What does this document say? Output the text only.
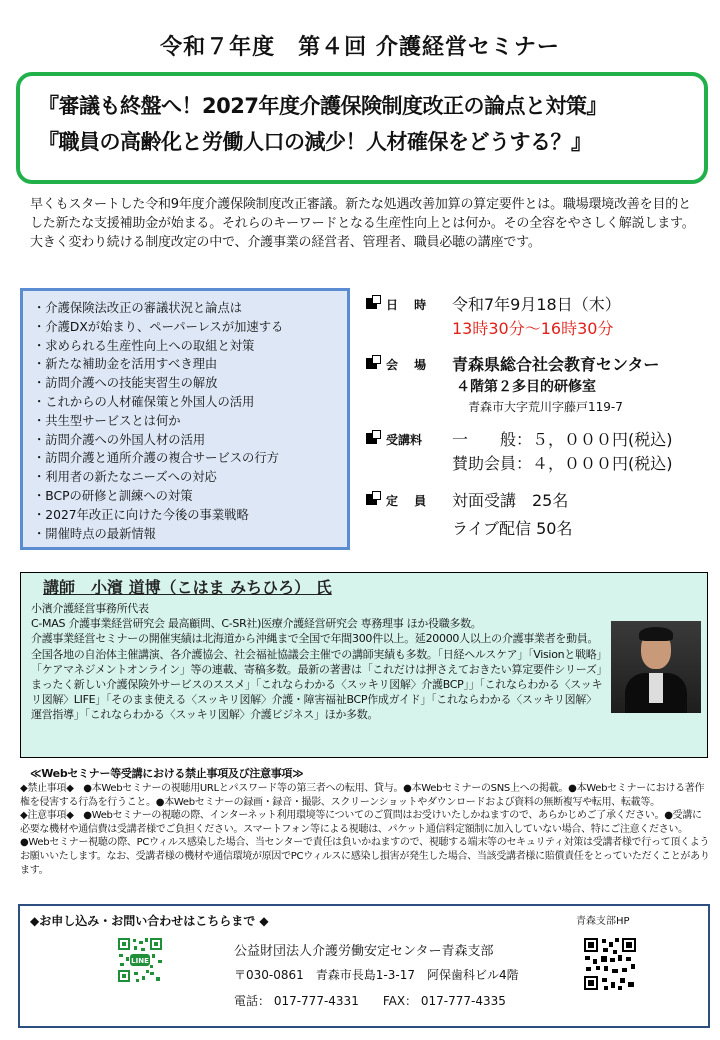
令和７年度　第４回 介護経営セミナー
『審議も終盤へ！2027年度介護保険制度改正の論点と対策』
『職員の高齢化と労働人口の減少！人材確保をどうする？』
早くもスタートした令和9年度介護保険制度改正審議。新たな処遇改善加算の算定要件とは。職場環境改善を目的とした新たな支援補助金が始まる。それらのキーワードとなる生産性向上とは何か。その全容をやさしく解説します。大きく変わり続ける制度改定の中で、介護事業の経営者、管理者、職員必聴の講座です。
・介護保険法改正の審議状況と論点は
・介護DXが始まり、ペーパーレスが加速する
・求められる生産性向上への取組と対策
・新たな補助金を活用すべき理由
・訪問介護への技能実習生の解放
・これからの人材確保策と外国人の活用
・共生型サービスとは何か
・訪問介護への外国人材の活用
・訪問介護と通所介護の複合サービスの行方
・利用者の新たなニーズへの対応
・BCPの研修と訓練への対策
・2027年改正に向けた今後の事業戦略
・開催時点の最新情報
日 時 令和7年9月18日（木）
13時30分～16時30分
会 場 青森県総合社会教育センター
４階第２多目的研修室
青森市大字荒川字藤戸119-7
受講料 一　　般：５，０００円(税込)
賛助会員：４，０００円(税込)
定 員 対面受講　25名
ライブ配信 50名
講師　小濱 道博（こはま みちひろ） 氏
小濱介護経営事務所代表
C-MAS 介護事業経営研究会 最高顧問、C-SR社)医療介護経営研究会 専務理事 ほか役職多数。
介護事業経営セミナーの開催実績は北海道から沖縄まで全国で年間300件以上。延20000人以上の介護事業者を動員。全国各地の自治体主催講演、各介護協会、社会福祉協議会主催での講師実績も多数。「日経ヘルスケア」「Visionと戦略」「ケアマネジメントオンライン」等の連載、寄稿多数。最新の著書は「これだけは押さえておきたい算定要件シリーズ」まったく新しい介護保険外サービスのススメ」「これならわかる〈スッキリ図解〉介護BCP」」「これならわかる〈スッキリ図解〉LIFE」「そのまま使える〈スッキリ図解〉介護・障害福祉BCP作成ガイド」「これならわかる〈スッキリ図解〉運営指導」「これならわかる〈スッキリ図解〉介護ビジネス」ほか多数。
≪Webセミナー等受講における禁止事項及び注意事項≫
◆禁止事項◆　●本Webセミナーの視聴用URLとパスワード等の第三者への転用、貸与。●本WebセミナーのSNS上への掲載。●本Webセミナーにおける著作権を侵害する行為を行うこと。●本Webセミナーの録画・録音・撮影、スクリーンショットやダウンロードおよび資料の無断複写や転用、転載等。
◆注意事項◆　●Webセミナーの視聴の際、インターネット利用環境等についてのご質問はお受けいたしかねますので、あらかじめご了承ください。●受講に必要な機材や通信費は受講者様でご負担ください。スマートフォン等による視聴は、パケット通信料定額制に加入していない場合、特にご注意ください。●Webセミナー視聴の際、PCウィルス感染した場合、当センターで責任は負いかねますので、視聴する端末等のセキュリティ対策は受講者様で行って頂くようお願いいたします。なお、受講者様の機材や通信環境が原因でPCウィルスに感染し損害が発生した場合、当該受講者様に賠償責任をとっていただくことがあります。
◆お申し込み・お問い合わせはこちらまで ◆	青森支部HP
LINE
公益財団法人介護労働安定センター青森支部
〒030-0861　青森市長島1-3-17　阿保歯科ビル4階
電話： 017-777-4331　　FAX： 017-777-4335
